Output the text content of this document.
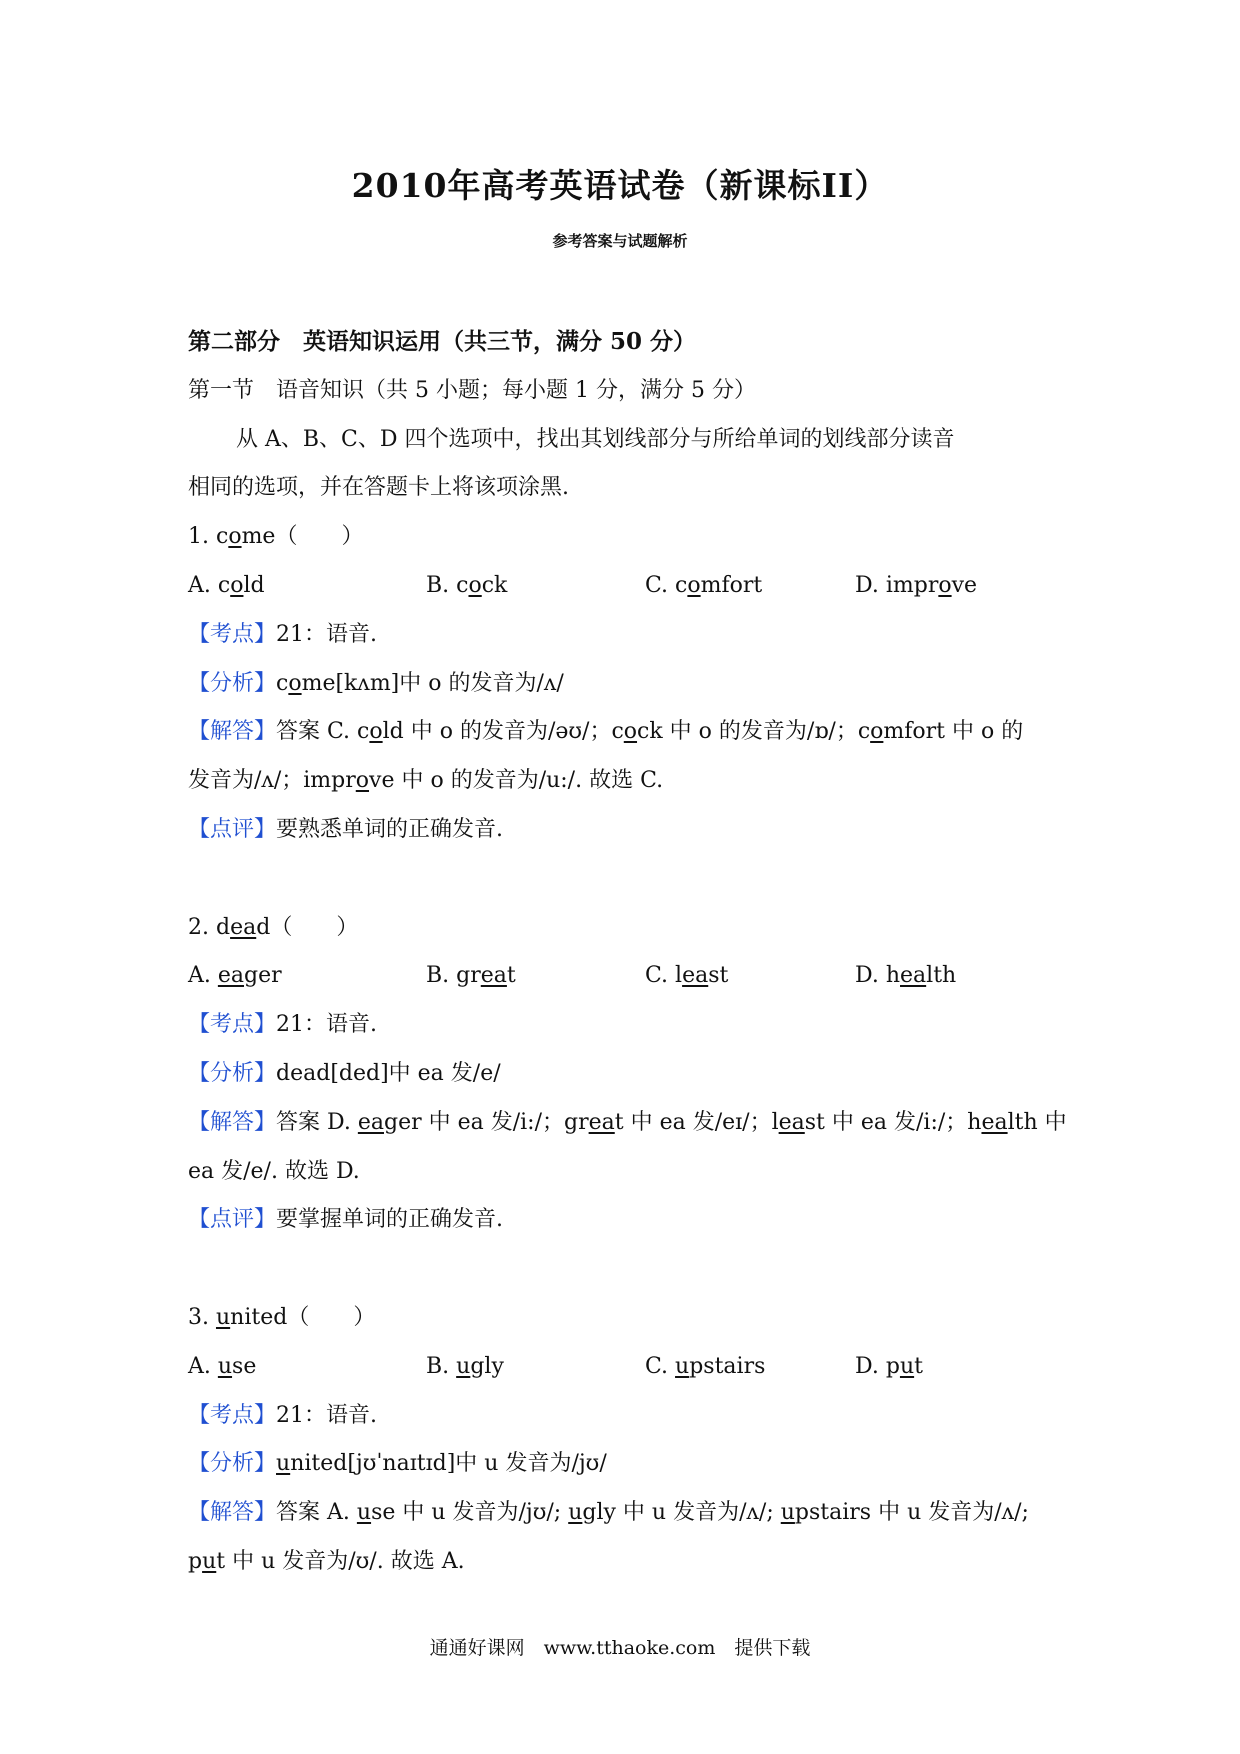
2010年高考英语试卷（新课标II）
参考答案与试题解析
第二部分　英语知识运用（共三节，满分 50 分）
第一节　语音知识（共 5 小题；每小题 1 分，满分 5 分）
从 A、B、C、D 四个选项中，找出其划线部分与所给单词的划线部分读音
相同的选项，并在答题卡上将该项涂黑.
1. come（　　）
A. cold	B. cock	C. comfort	D. improve
【考点】21：语音.
【分析】come[kʌm]中 o 的发音为/ʌ/
【解答】答案 C. cold 中 o 的发音为/əʊ/；cock 中 o 的发音为/ɒ/；comfort 中 o 的
发音为/ʌ/；improve 中 o 的发音为/u:/. 故选 C.
【点评】要熟悉单词的正确发音.
2. dead（　　）
A. eager	B. great	C. least	D. health
【考点】21：语音.
【分析】dead[ded]中 ea 发/e/
【解答】答案 D. eager 中 ea 发/i:/；great 中 ea 发/eɪ/；least 中 ea 发/i:/；health 中
ea 发/e/. 故选 D.
【点评】要掌握单词的正确发音.
3. united（　　）
A. use	B. ugly	C. upstairs	D. put
【考点】21：语音.
【分析】united[jʊˈnaɪtɪd]中 u 发音为/jʊ/
【解答】答案 A. use 中 u 发音为/jʊ/; ugly 中 u 发音为/ʌ/; upstairs 中 u 发音为/ʌ/;
put 中 u 发音为/ʊ/. 故选 A.
通通好课网　www.tthaoke.com　提供下载
